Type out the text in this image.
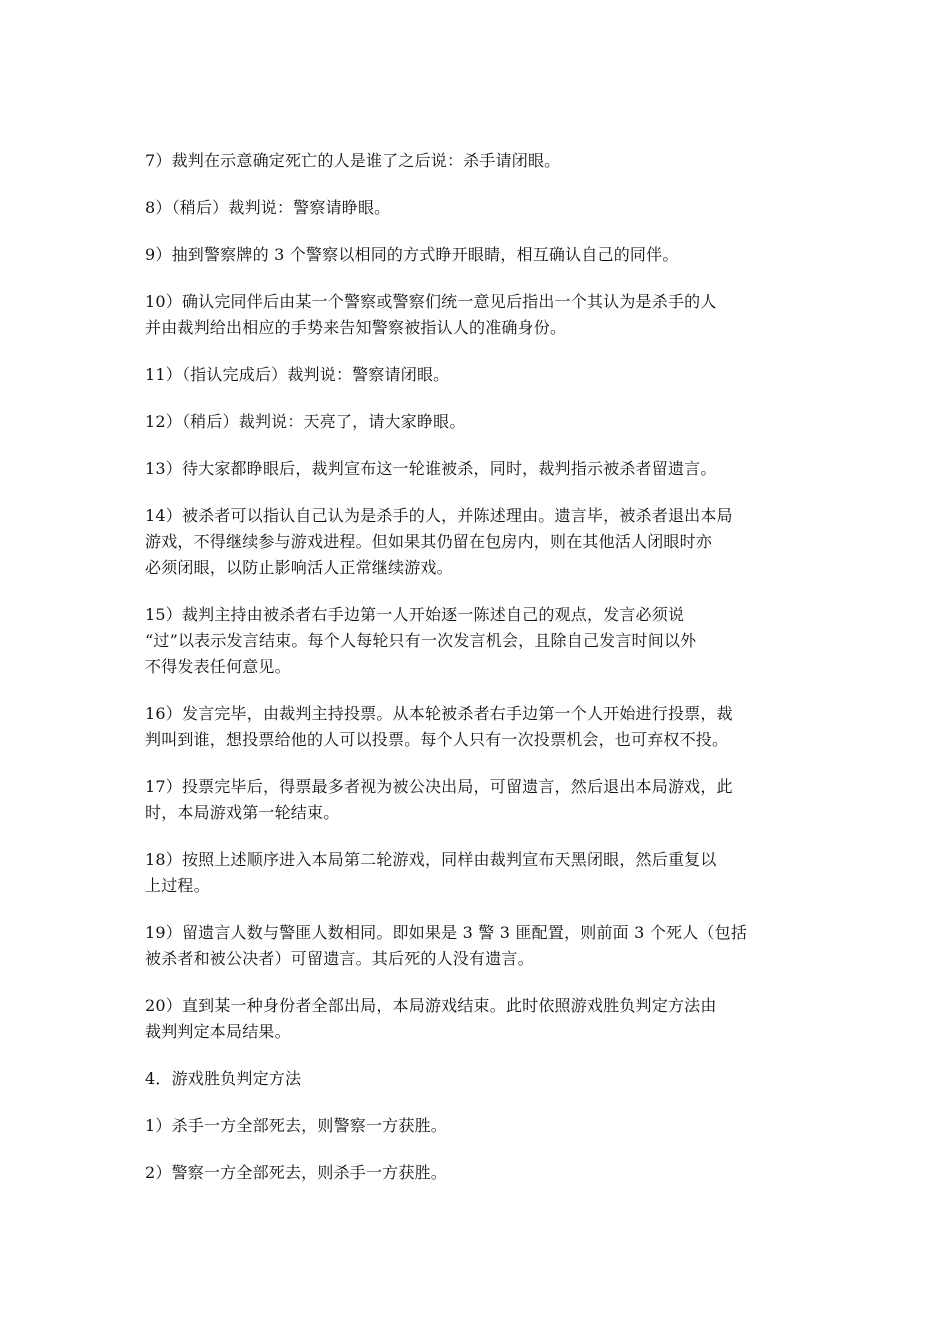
7）裁判在示意确定死亡的人是谁了之后说：杀手请闭眼。

8）（稍后）裁判说：警察请睁眼。

9）抽到警察牌的 3 个警察以相同的方式睁开眼睛，相互确认自己的同伴。

10）确认完同伴后由某一个警察或警察们统一意见后指出一个其认为是杀手的人
并由裁判给出相应的手势来告知警察被指认人的准确身份。

11）（指认完成后）裁判说：警察请闭眼。

12）（稍后）裁判说：天亮了，请大家睁眼。

13）待大家都睁眼后，裁判宣布这一轮谁被杀，同时，裁判指示被杀者留遗言。

14）被杀者可以指认自己认为是杀手的人，并陈述理由。遗言毕，被杀者退出本局
游戏，不得继续参与游戏进程。但如果其仍留在包房内，则在其他活人闭眼时亦
必须闭眼，以防止影响活人正常继续游戏。

15）裁判主持由被杀者右手边第一人开始逐一陈述自己的观点，发言必须说
“过”以表示发言结束。每个人每轮只有一次发言机会，且除自己发言时间以外
不得发表任何意见。

16）发言完毕，由裁判主持投票。从本轮被杀者右手边第一个人开始进行投票，裁
判叫到谁，想投票给他的人可以投票。每个人只有一次投票机会，也可弃权不投。

17）投票完毕后，得票最多者视为被公决出局，可留遗言，然后退出本局游戏，此
时，本局游戏第一轮结束。

18）按照上述顺序进入本局第二轮游戏，同样由裁判宣布天黑闭眼，然后重复以
上过程。

19）留遗言人数与警匪人数相同。即如果是 3 警 3 匪配置，则前面 3 个死人（包括
被杀者和被公决者）可留遗言。其后死的人没有遗言。

20）直到某一种身份者全部出局，本局游戏结束。此时依照游戏胜负判定方法由
裁判判定本局结果。

4．游戏胜负判定方法

1）杀手一方全部死去，则警察一方获胜。

2）警察一方全部死去，则杀手一方获胜。
